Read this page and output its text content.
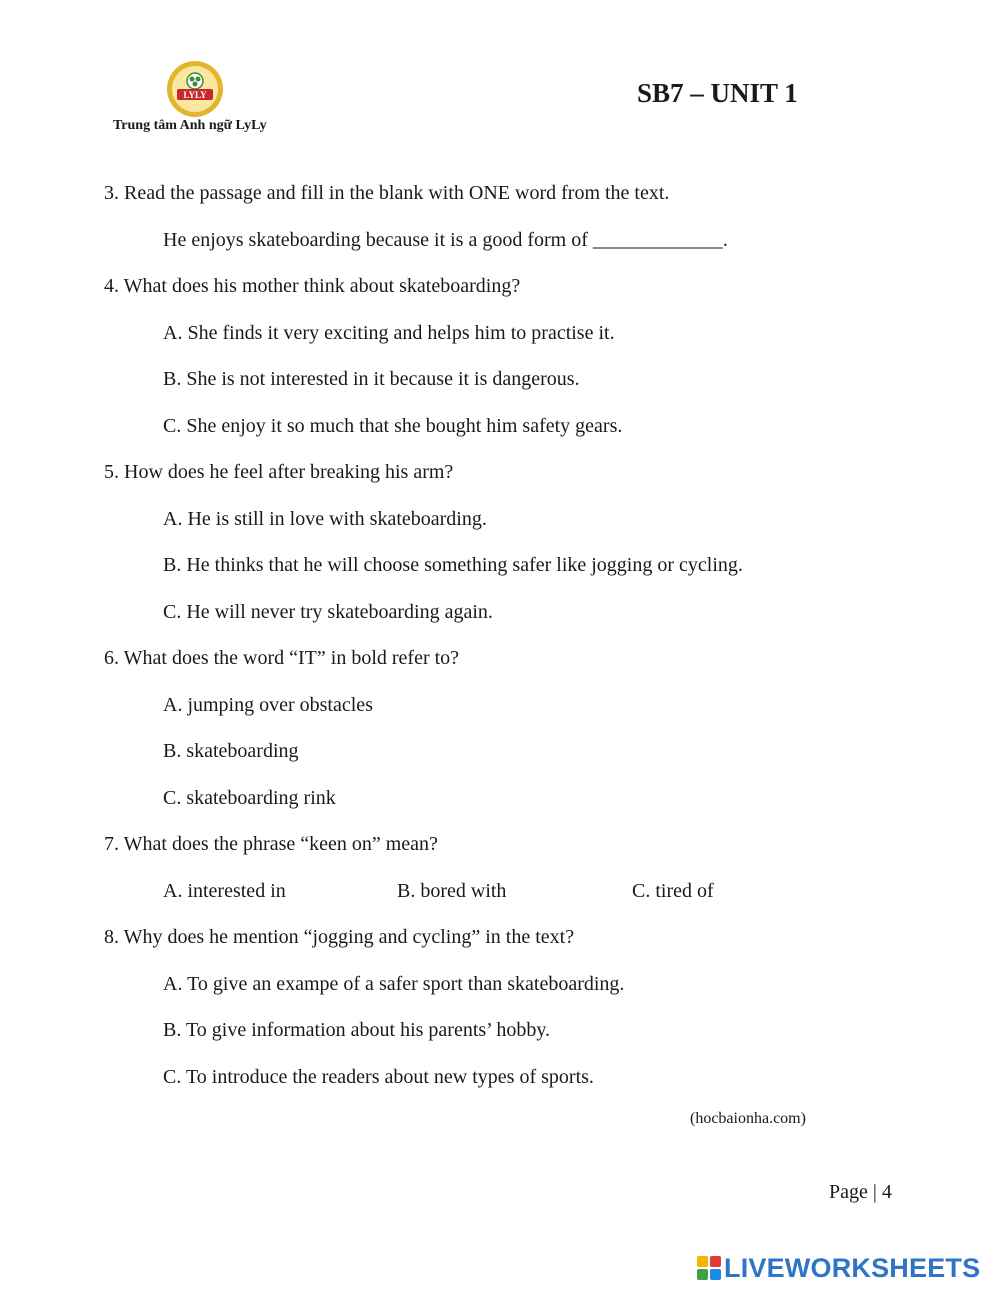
LYLY
Trung tâm Anh ngữ LyLy
SB7 – UNIT 1
3. Read the passage and fill in the blank with ONE word from the text.
He enjoys skateboarding because it is a good form of _____________.
4. What does his mother think about skateboarding?
A. She finds it very exciting and helps him to practise it.
B. She is not interested in it because it is dangerous.
C. She enjoy it so much that she bought him safety gears.
5. How does he feel after breaking his arm?
A. He is still in love with skateboarding.
B. He thinks that he will choose something safer like jogging or cycling.
C. He will never try skateboarding again.
6. What does the word “IT” in bold refer to?
A. jumping over obstacles
B. skateboarding
C. skateboarding rink
7. What does the phrase “keen on” mean?
A. interested in	B. bored with	C. tired of
8. Why does he mention “jogging and cycling” in the text?
A. To give an exampe of a safer sport than skateboarding.
B. To give information about his parents’ hobby.
C. To introduce the readers about new types of sports.
(hocbaionha.com)
Page | 4
LIVEWORKSHEETS
